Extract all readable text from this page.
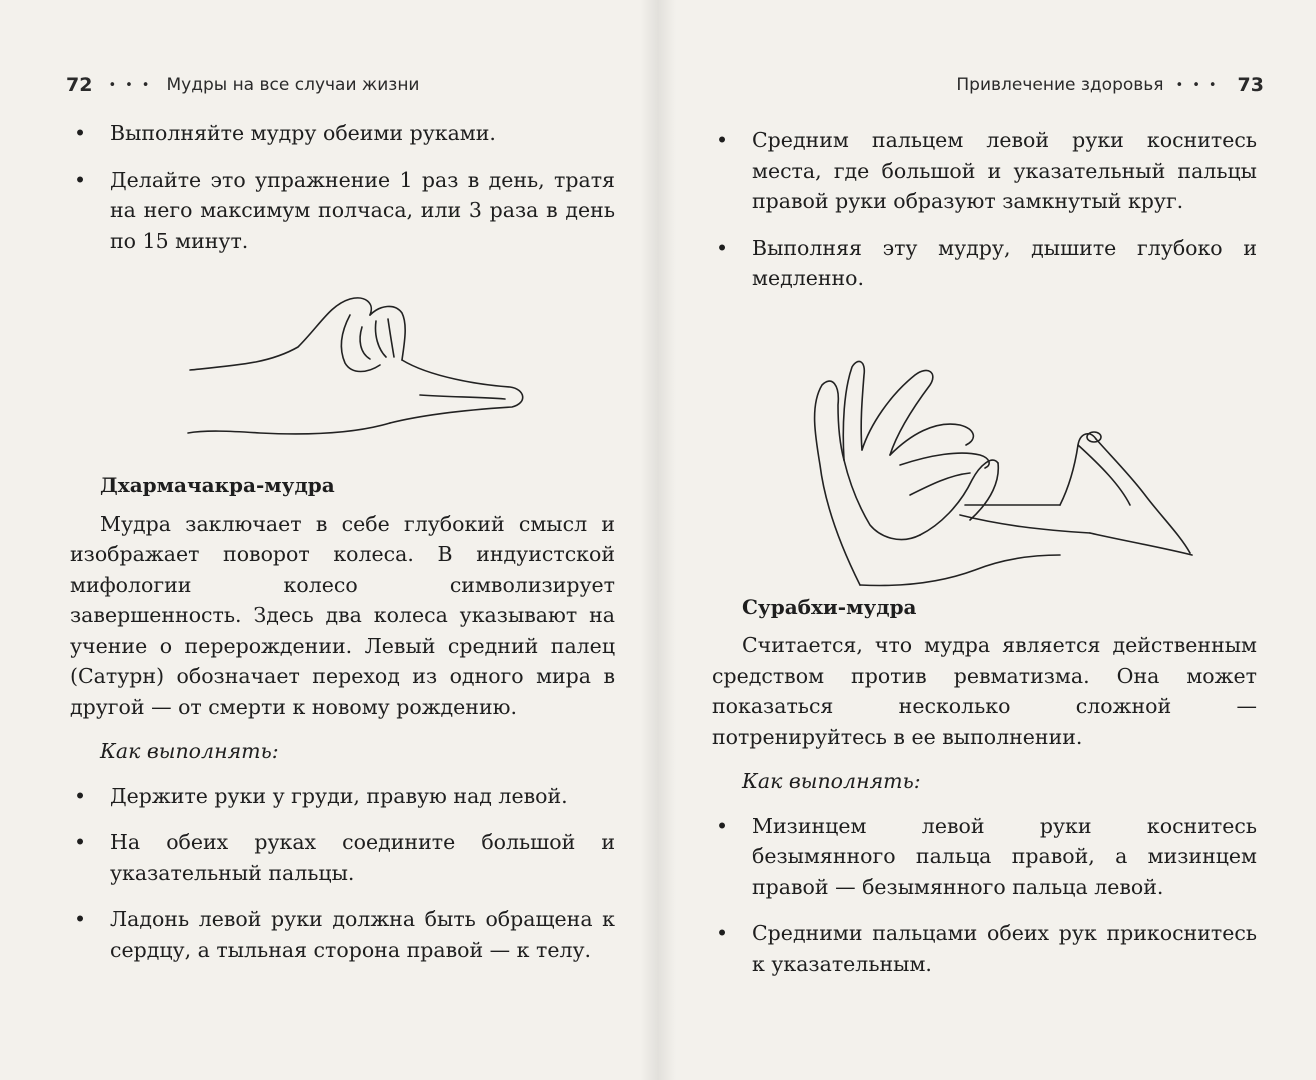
72 ••• Мудры на все случаи жизни
• Выполняйте мудру обеими руками.
• Делайте это упражнение 1 раз в день, тратя на него максимум полчаса, или 3 раза в день по 15 минут.
Дхармачакра-мудра
Мудра заключает в себе глубокий смысл и изображает поворот колеса. В индуистской мифологии колесо символизирует завершенность. Здесь два колеса указывают на учение о перерождении. Левый средний палец (Сатурн) обозначает переход из одного мира в другой — от смерти к новому рождению.
Как выполнять:
• Держите руки у груди, правую над левой.
• На обеих руках соедините большой и указательный пальцы.
• Ладонь левой руки должна быть обращена к сердцу, а тыльная сторона правой — к телу.
Привлечение здоровья ••• 73
• Средним пальцем левой руки коснитесь места, где большой и указательный пальцы правой руки образуют замкнутый круг.
• Выполняя эту мудру, дышите глубоко и медленно.
Сурабхи-мудра
Считается, что мудра является действенным средством против ревматизма. Она может показаться несколько сложной — потренируйтесь в ее выполнении.
Как выполнять:
• Мизинцем левой руки коснитесь безымянного пальца правой, а мизинцем правой — безымянного пальца левой.
• Средними пальцами обеих рук прикоснитесь к указательным.
